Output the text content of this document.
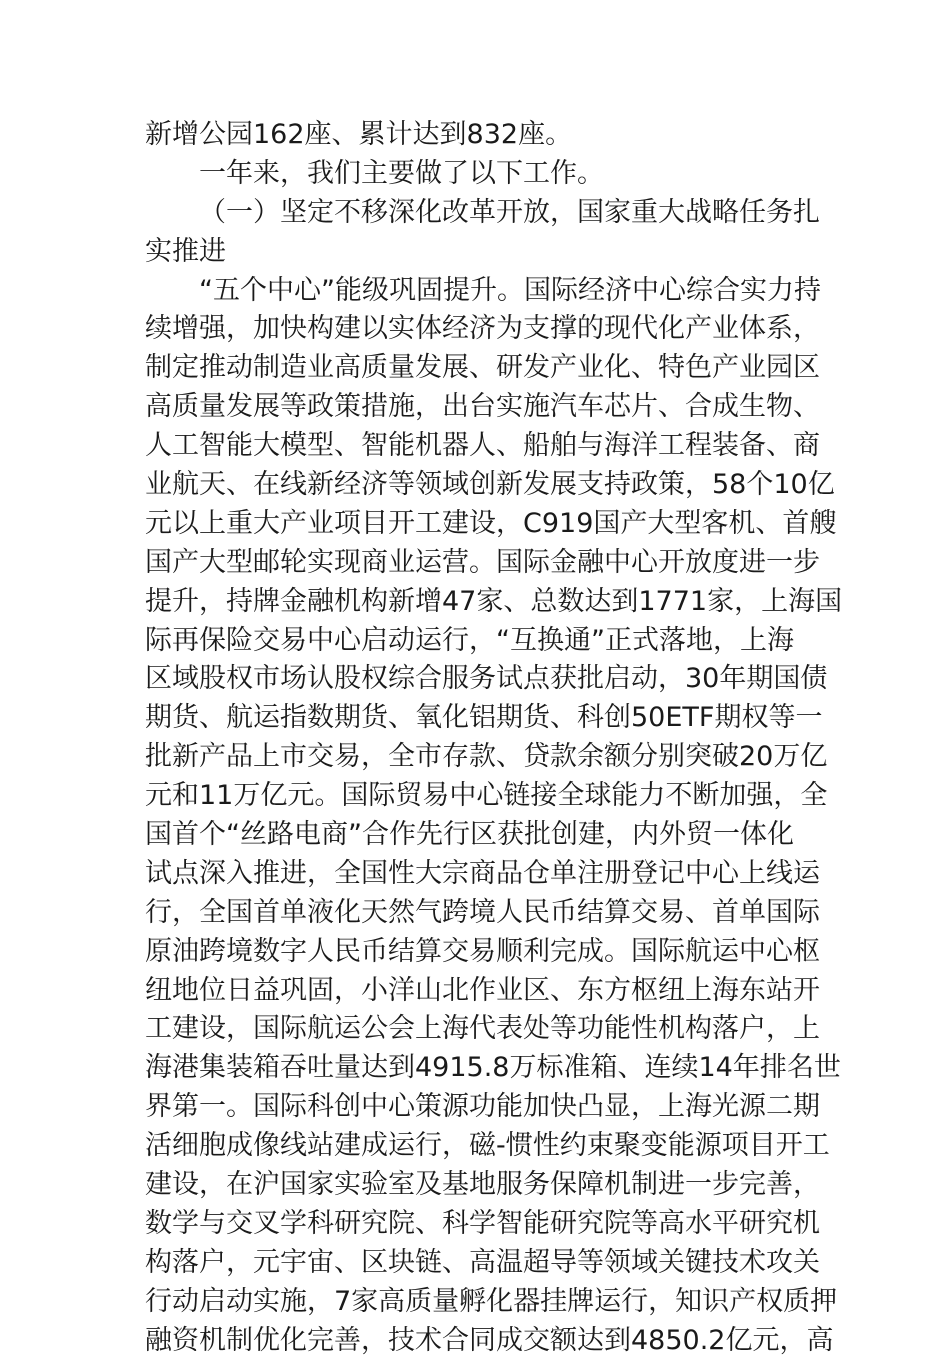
新增公园162座、累计达到832座。
一年来，我们主要做了以下工作。
（一）坚定不移深化改革开放，国家重大战略任务扎
实推进
“五个中心”能级巩固提升。国际经济中心综合实力持
续增强，加快构建以实体经济为支撑的现代化产业体系，
制定推动制造业高质量发展、研发产业化、特色产业园区
高质量发展等政策措施，出台实施汽车芯片、合成生物、
人工智能大模型、智能机器人、船舶与海洋工程装备、商
业航天、在线新经济等领域创新发展支持政策，58个10亿
元以上重大产业项目开工建设，C919国产大型客机、首艘
国产大型邮轮实现商业运营。国际金融中心开放度进一步
提升，持牌金融机构新增47家、总数达到1771家，上海国
际再保险交易中心启动运行，“互换通”正式落地，上海
区域股权市场认股权综合服务试点获批启动，30年期国债
期货、航运指数期货、氧化铝期货、科创50ETF期权等一
批新产品上市交易，全市存款、贷款余额分别突破20万亿
元和11万亿元。国际贸易中心链接全球能力不断加强，全
国首个“丝路电商”合作先行区获批创建，内外贸一体化
试点深入推进，全国性大宗商品仓单注册登记中心上线运
行，全国首单液化天然气跨境人民币结算交易、首单国际
原油跨境数字人民币结算交易顺利完成。国际航运中心枢
纽地位日益巩固，小洋山北作业区、东方枢纽上海东站开
工建设，国际航运公会上海代表处等功能性机构落户，上
海港集装箱吞吐量达到4915.8万标准箱、连续14年排名世
界第一。国际科创中心策源功能加快凸显，上海光源二期
活细胞成像线站建成运行，磁-惯性约束聚变能源项目开工
建设，在沪国家实验室及基地服务保障机制进一步完善，
数学与交叉学科研究院、科学智能研究院等高水平研究机
构落户，元宇宙、区块链、高温超导等领域关键技术攻关
行动启动实施，7家高质量孵化器挂牌运行，知识产权质押
融资机制优化完善，技术合同成交额达到4850.2亿元，高
